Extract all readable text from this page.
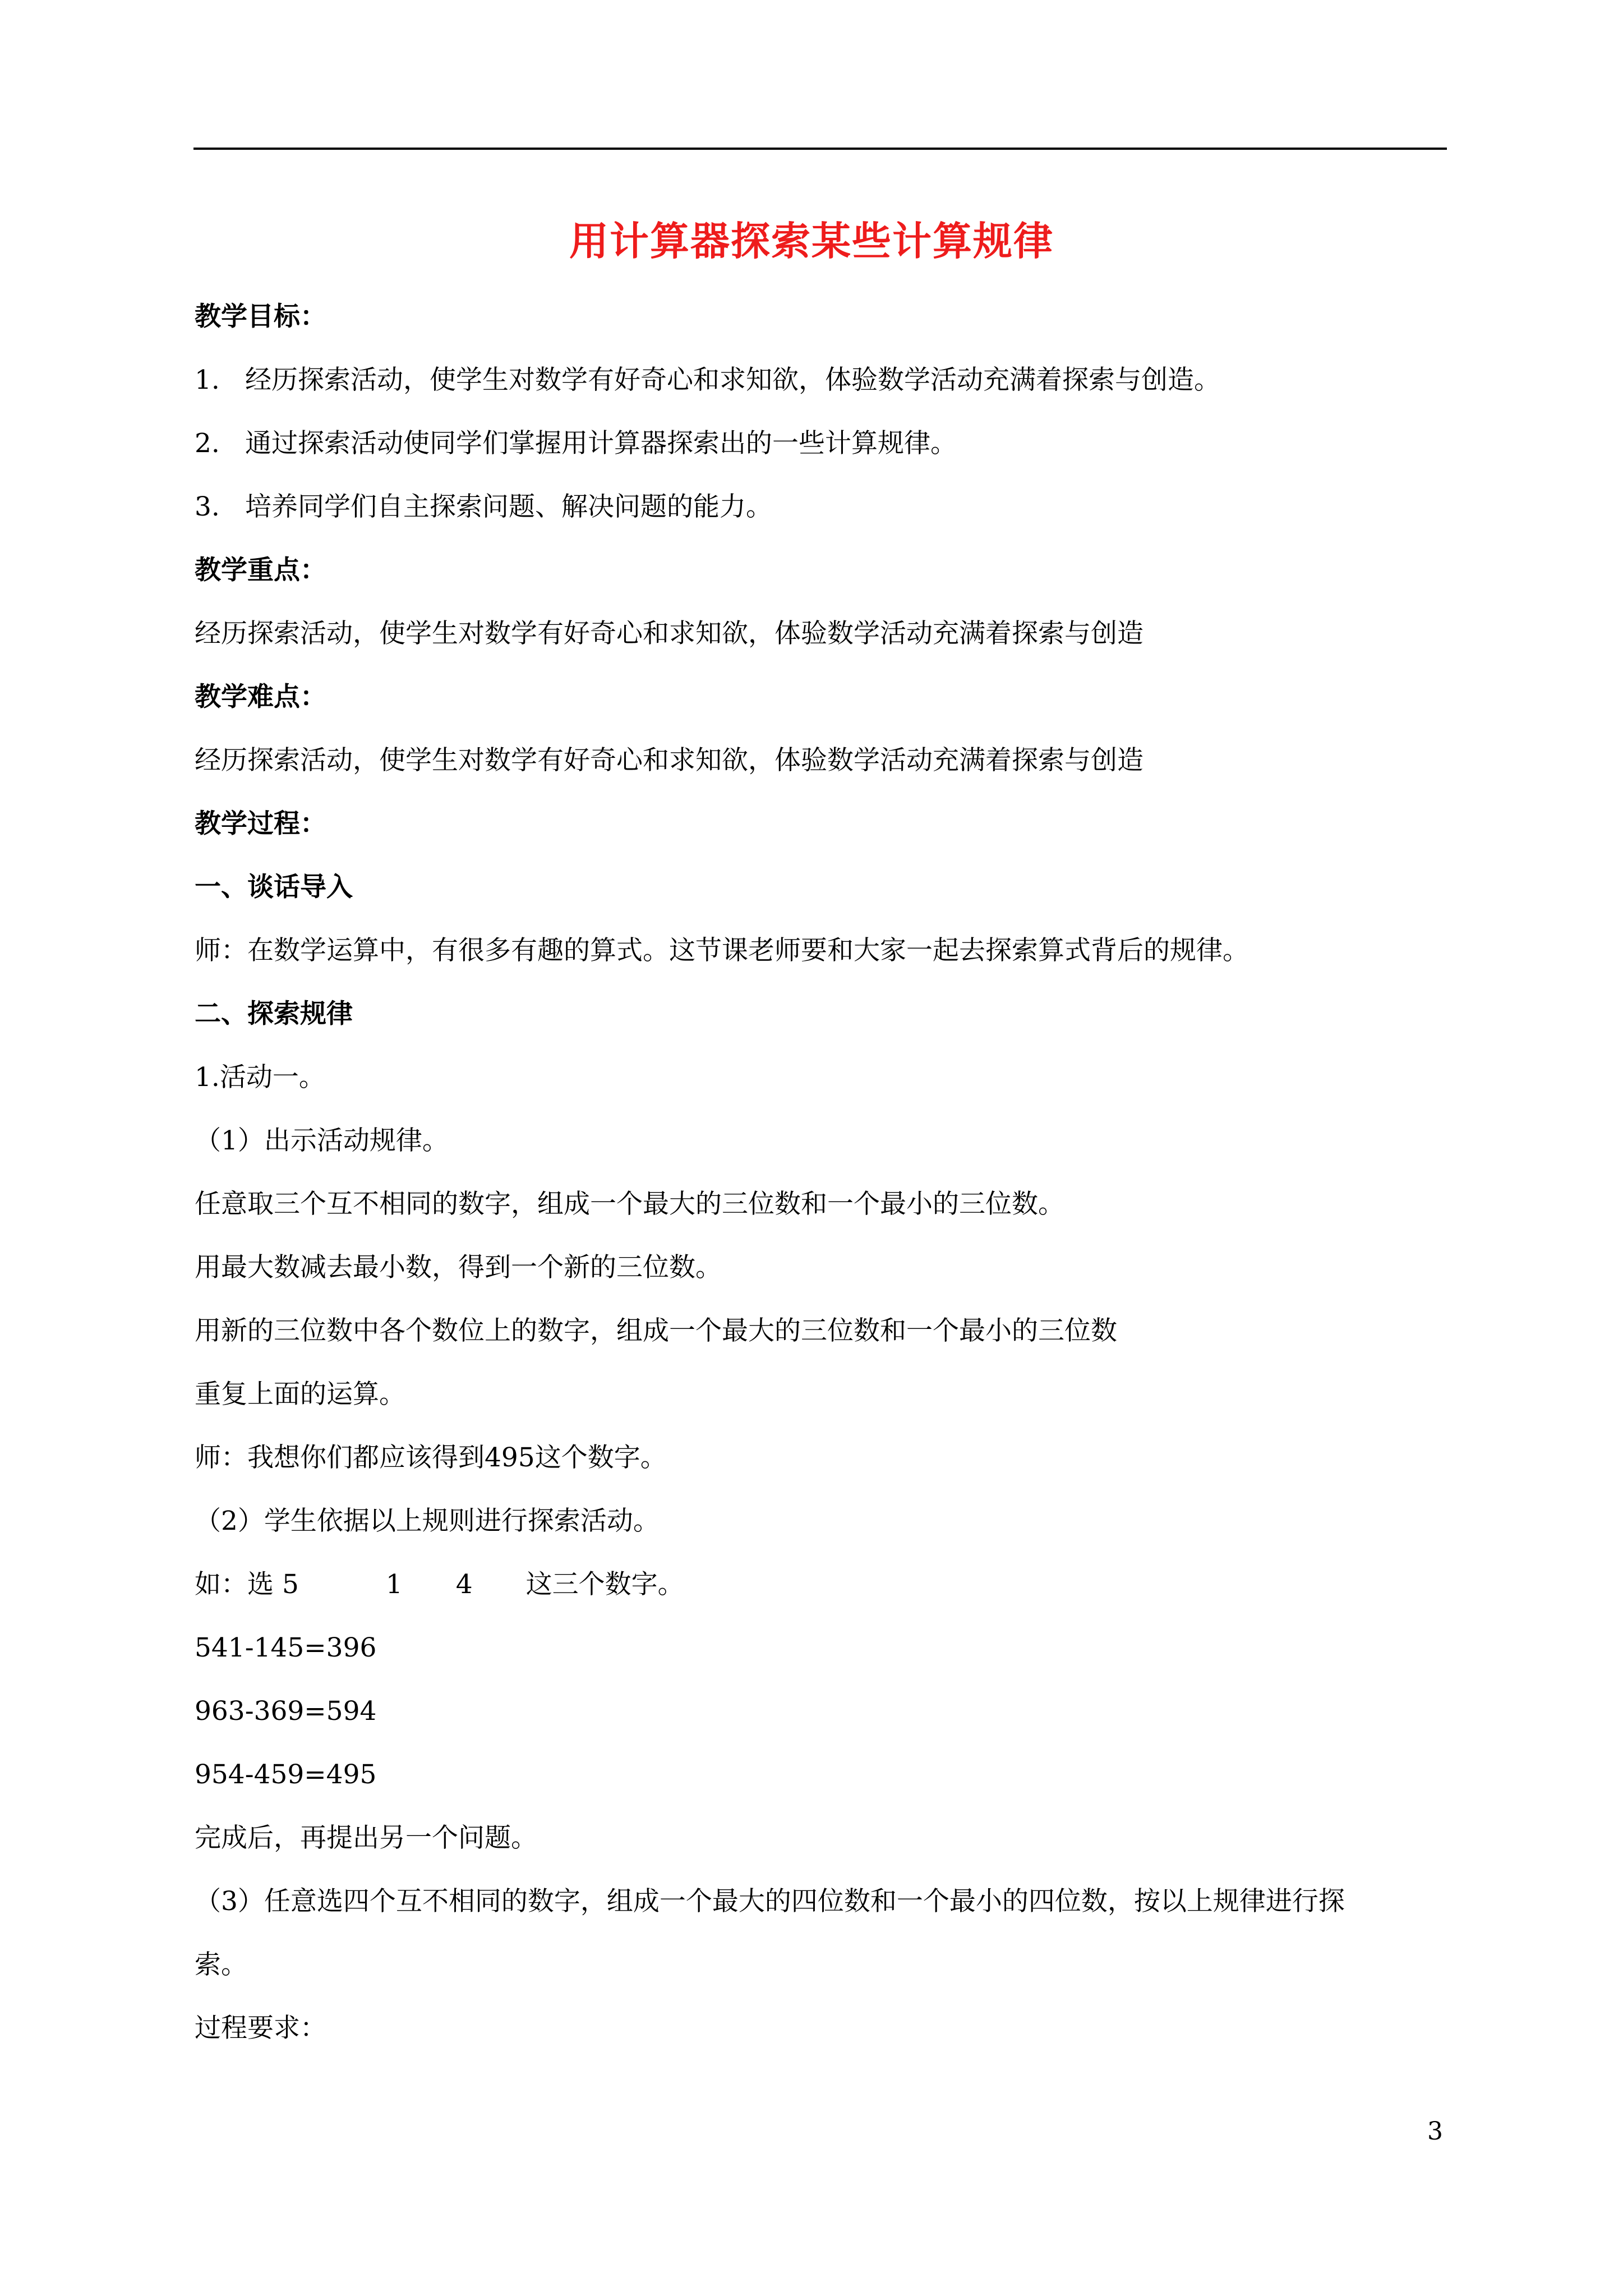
用计算器探索某些计算规律
教学目标：
1. 经历探索活动，使学生对数学有好奇心和求知欲，体验数学活动充满着探索与创造。
2. 通过探索活动使同学们掌握用计算器探索出的一些计算规律。
3. 培养同学们自主探索问题、解决问题的能力。
教学重点：
经历探索活动，使学生对数学有好奇心和求知欲，体验数学活动充满着探索与创造
教学难点：
经历探索活动，使学生对数学有好奇心和求知欲，体验数学活动充满着探索与创造
教学过程：
一、谈话导入
师：在数学运算中，有很多有趣的算式。这节课老师要和大家一起去探索算式背后的规律。
二、探索规律
1.活动一。
（1）出示活动规律。
任意取三个互不相同的数字，组成一个最大的三位数和一个最小的三位数。
用最大数减去最小数，得到一个新的三位数。
用新的三位数中各个数位上的数字，组成一个最大的三位数和一个最小的三位数
重复上面的运算。
师：我想你们都应该得到495这个数字。
（2）学生依据以上规则进行探索活动。
如：选 5	1 4 这三个数字。
541-145=396
963-369=594
954-459=495
完成后，再提出另一个问题。
（3）任意选四个互不相同的数字，组成一个最大的四位数和一个最小的四位数，按以上规律进行探
索。
过程要求：
3
